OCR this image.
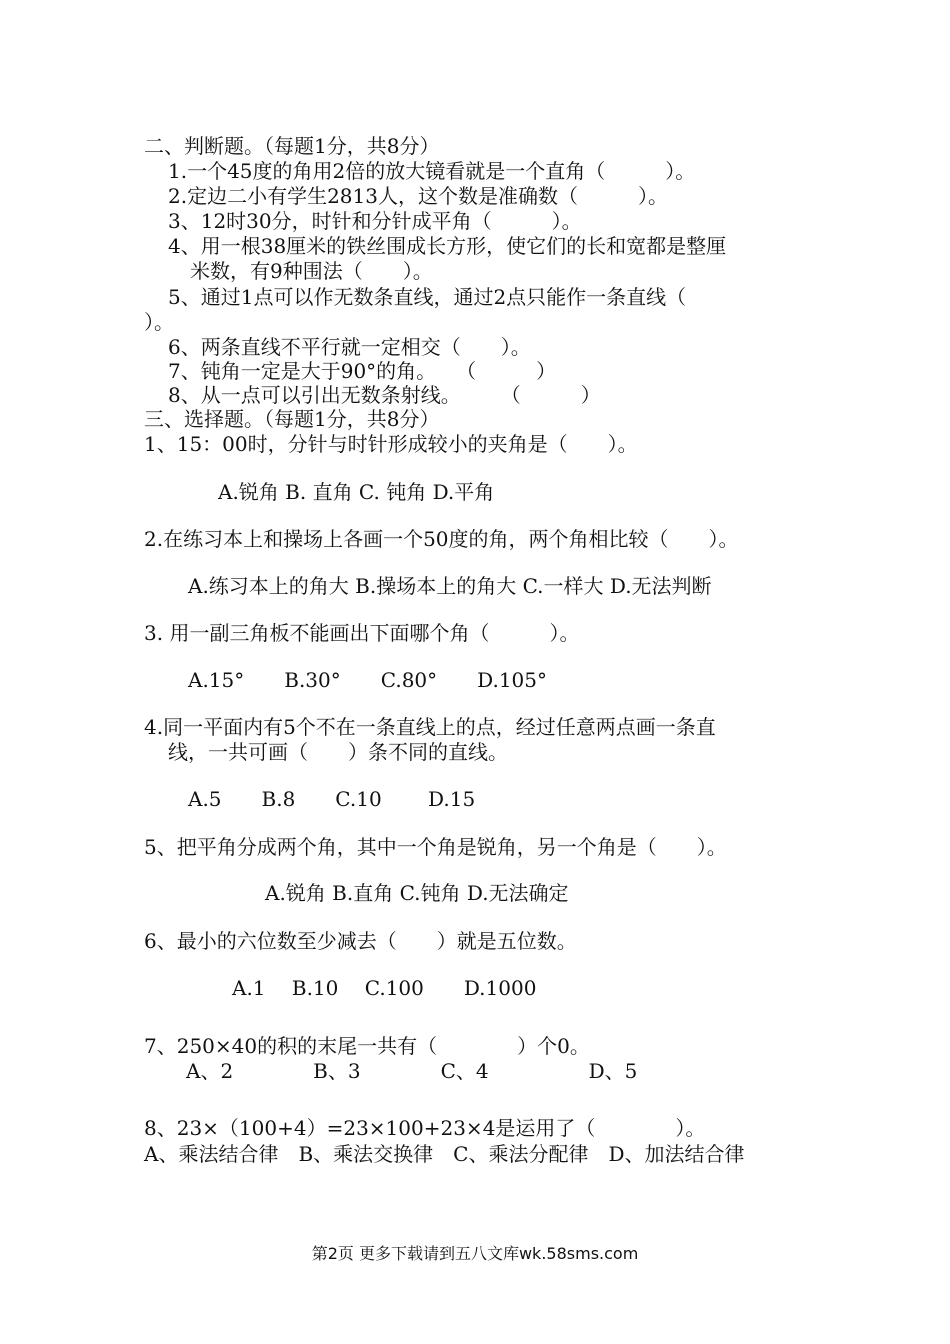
二、判断题。（每题1分，共8分）
1.一个45度的角用2倍的放大镜看就是一个直角（　　　）。
2.定边二小有学生2813人，这个数是准确数（　　　）。
3、12时30分，时针和分针成平角（　　　）。
4、用一根38厘米的铁丝围成长方形，使它们的长和宽都是整厘
米数，有9种围法（　　）。
5、通过1点可以作无数条直线，通过2点只能作一条直线（
）。
6、两条直线不平行就一定相交（　　）。
7、钝角一定是大于90°的角。　　（　　　）
8、从一点可以引出无数条射线。　　　（　　　）
三、选择题。（每题1分，共8分）
1、15：00时，分针与时针形成较小的夹角是（　　）。
A.锐角 B. 直角 C. 钝角 D.平角
2.在练习本上和操场上各画一个50度的角，两个角相比较（　　）。
A.练习本上的角大 B.操场本上的角大 C.一样大 D.无法判断
3. 用一副三角板不能画出下面哪个角（　　　）。
A.15°　　B.30°　　C.80°　　D.105°
4.同一平面内有5个不在一条直线上的点，经过任意两点画一条直
线，一共可画（　　）条不同的直线。
A.5　　B.8　　C.10　　 D.15
5、把平角分成两个角，其中一个角是锐角，另一个角是（　　）。
A.锐角 B.直角 C.钝角 D.无法确定
6、最小的六位数至少减去（　　）就是五位数。
A.1　 B.10　 C.100　　D.1000
7、250×40的积的末尾一共有（　　　　）个0。
A、2　　　　B、3　　　　C、4　　　　　D、5
8、23×（100+4）=23×100+23×4是运用了（　　　　）。
A、乘法结合律　B、乘法交换律　C、乘法分配律　D、加法结合律
第2页 更多下载请到五八文库wk.58sms.com
